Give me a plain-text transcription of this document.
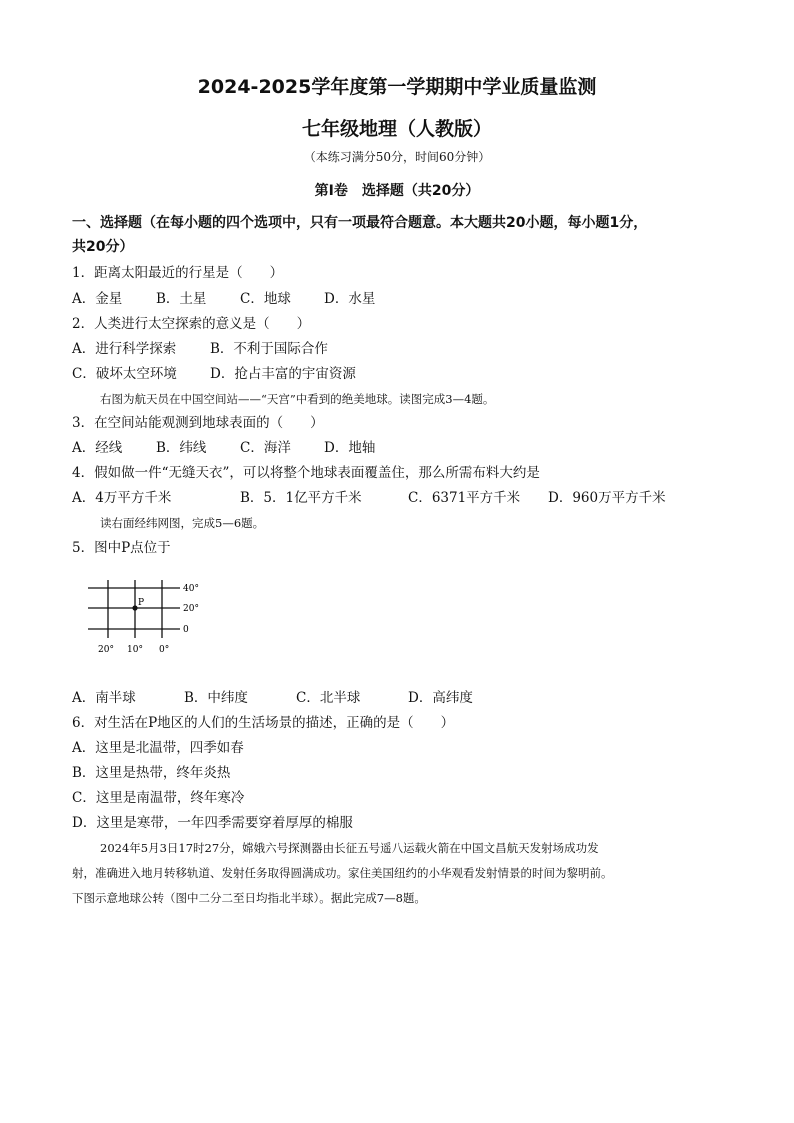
2024-2025学年度第一学期期中学业质量监测
七年级地理（人教版）
（本练习满分50分，时间60分钟）
第Ⅰ卷　选择题（共20分）
一、选择题（在每小题的四个选项中，只有一项最符合题意。本大题共20小题，每小题1分，
共20分）
1．距离太阳最近的行星是（　　）
A．金星	B．土星 C．地球 D．水星
2．人类进行太空探索的意义是（　　）
A．进行科学探索	B．不利于国际合作
C．破坏太空环境 D．抢占丰富的宇宙资源
右图为航天员在中国空间站——“天宫”中看到的绝美地球。读图完成3—4题。
3．在空间站能观测到地球表面的（　　）
A．经线	B．纬线 C．海洋 D．地轴
4．假如做一件“无缝天衣”，可以将整个地球表面覆盖住，那么所需布料大约是
A．4万平方千米	B．5．1亿平方千米	C．6371平方千米 D．960万平方千米
读右面经纬网图，完成5—6题。
5．图中P点位于
P
40°
20°
0
20° 10° 0°
A．南半球	B．中纬度	C．北半球	D．高纬度
6．对生活在P地区的人们的生活场景的描述，正确的是（　　）
A．这里是北温带，四季如春
B．这里是热带，终年炎热
C．这里是南温带，终年寒冷
D．这里是寒带，一年四季需要穿着厚厚的棉服
2024年5月3日17时27分，嫦娥六号探测器由长征五号遥八运载火箭在中国文昌航天发射场成功发
射，准确进入地月转移轨道、发射任务取得圆满成功。家住美国纽约的小华观看发射情景的时间为黎明前。
下图示意地球公转（图中二分二至日均指北半球）。据此完成7—8题。
